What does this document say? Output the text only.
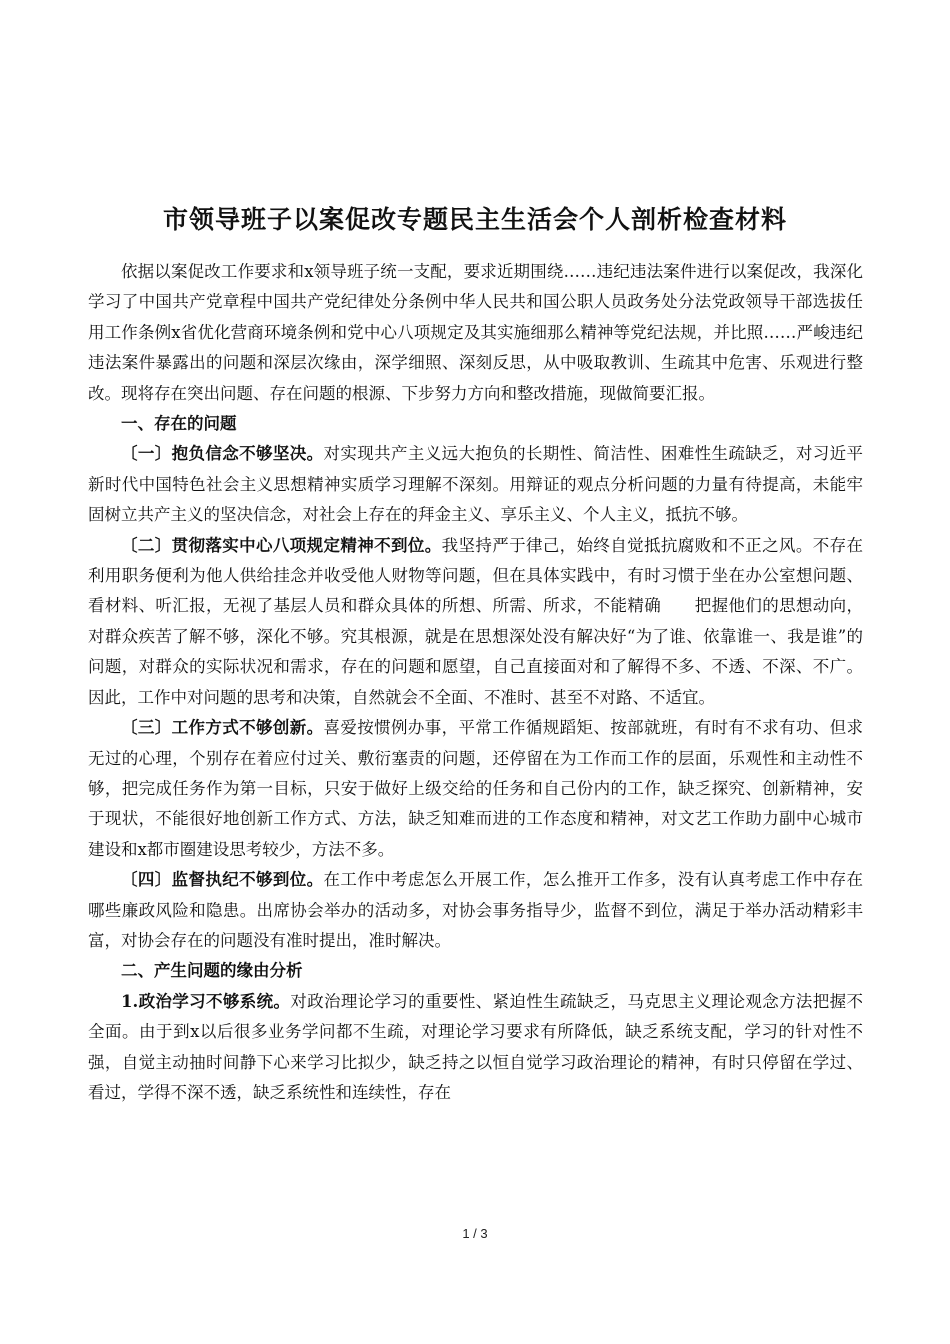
市领导班子以案促改专题民主生活会个人剖析检查材料

依据以案促改工作要求和x领导班子统一支配，要求近期围绕……违纪违法案件进行以案促改，我深化学习了中国共产党章程中国共产党纪律处分条例中华人民共和国公职人员政务处分法党政领导干部选拔任用工作条例x省优化营商环境条例和党中心八项规定及其实施细那么精神等党纪法规，并比照……严峻违纪违法案件暴露出的问题和深层次缘由，深学细照、深刻反思，从中吸取教训、生疏其中危害、乐观进行整改。现将存在突出问题、存在问题的根源、下步努力方向和整改措施，现做简要汇报。

一、存在的问题

〔一〕抱负信念不够坚决。对实现共产主义远大抱负的长期性、简洁性、困难性生疏缺乏，对习近平新时代中国特色社会主义思想精神实质学习理解不深刻。用辩证的观点分析问题的力量有待提高，未能牢固树立共产主义的坚决信念，对社会上存在的拜金主义、享乐主义、个人主义，抵抗不够。

〔二〕贯彻落实中心八项规定精神不到位。我坚持严于律己，始终自觉抵抗腐败和不正之风。不存在利用职务便利为他人供给挂念并收受他人财物等问题，但在具体实践中，有时习惯于坐在办公室想问题、看材料、听汇报，无视了基层人员和群众具体的所想、所需、所求，不能精确　　把握他们的思想动向，对群众疾苦了解不够，深化不够。究其根源，就是在思想深处没有解决好“为了谁、依靠谁一、我是谁”的问题，对群众的实际状况和需求，存在的问题和愿望，自己直接面对和了解得不多、不透、不深、不广。因此，工作中对问题的思考和决策，自然就会不全面、不准时、甚至不对路、不适宜。

〔三〕工作方式不够创新。喜爱按惯例办事，平常工作循规蹈矩、按部就班，有时有不求有功、但求无过的心理，个别存在着应付过关、敷衍塞责的问题，还停留在为工作而工作的层面，乐观性和主动性不够，把完成任务作为第一目标，只安于做好上级交给的任务和自己份内的工作，缺乏探究、创新精神，安于现状，不能很好地创新工作方式、方法，缺乏知难而进的工作态度和精神，对文艺工作助力副中心城市建设和x都市圈建设思考较少，方法不多。

〔四〕监督执纪不够到位。在工作中考虑怎么开展工作，怎么推开工作多，没有认真考虑工作中存在哪些廉政风险和隐患。出席协会举办的活动多，对协会事务指导少，监督不到位，满足于举办活动精彩丰富，对协会存在的问题没有准时提出，准时解决。

二、产生问题的缘由分析

1.政治学习不够系统。对政治理论学习的重要性、紧迫性生疏缺乏，马克思主义理论观念方法把握不全面。由于到x以后很多业务学问都不生疏，对理论学习要求有所降低，缺乏系统支配，学习的针对性不强，自觉主动抽时间静下心来学习比拟少，缺乏持之以恒自觉学习政治理论的精神，有时只停留在学过、看过，学得不深不透，缺乏系统性和连续性，存在

1 / 3
